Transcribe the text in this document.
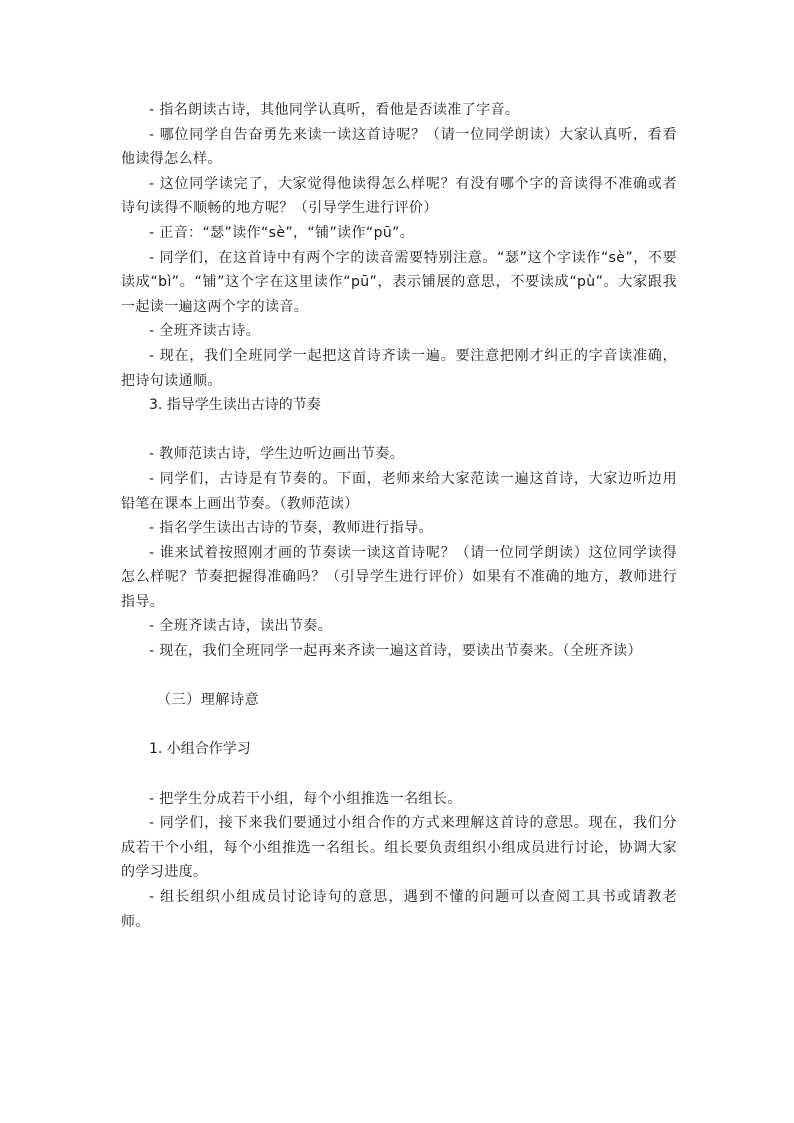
- 指名朗读古诗，其他同学认真听，看他是否读准了字音。

- 哪位同学自告奋勇先来读一读这首诗呢？（请一位同学朗读）大家认真听，看看他读得怎么样。

- 这位同学读完了，大家觉得他读得怎么样呢？有没有哪个字的音读得不准确或者诗句读得不顺畅的地方呢？（引导学生进行评价）

- 正音：“瑟”读作“sè”，“铺”读作“pū”。

- 同学们，在这首诗中有两个字的读音需要特别注意。“瑟”这个字读作“sè”，不要读成“bì”。“铺”这个字在这里读作“pū”，表示铺展的意思，不要读成“pù”。大家跟我一起读一遍这两个字的读音。

- 全班齐读古诗。

- 现在，我们全班同学一起把这首诗齐读一遍。要注意把刚才纠正的字音读准确，把诗句读通顺。

3. 指导学生读出古诗的节奏

- 教师范读古诗，学生边听边画出节奏。

- 同学们，古诗是有节奏的。下面，老师来给大家范读一遍这首诗，大家边听边用铅笔在课本上画出节奏。（教师范读）

- 指名学生读出古诗的节奏，教师进行指导。

- 谁来试着按照刚才画的节奏读一读这首诗呢？（请一位同学朗读）这位同学读得怎么样呢？节奏把握得准确吗？（引导学生进行评价）如果有不准确的地方，教师进行指导。

- 全班齐读古诗，读出节奏。

- 现在，我们全班同学一起再来齐读一遍这首诗，要读出节奏来。（全班齐读）

（三）理解诗意

1. 小组合作学习

- 把学生分成若干小组，每个小组推选一名组长。

- 同学们，接下来我们要通过小组合作的方式来理解这首诗的意思。现在，我们分成若干个小组，每个小组推选一名组长。组长要负责组织小组成员进行讨论，协调大家的学习进度。

- 组长组织小组成员讨论诗句的意思，遇到不懂的问题可以查阅工具书或请教老师。
